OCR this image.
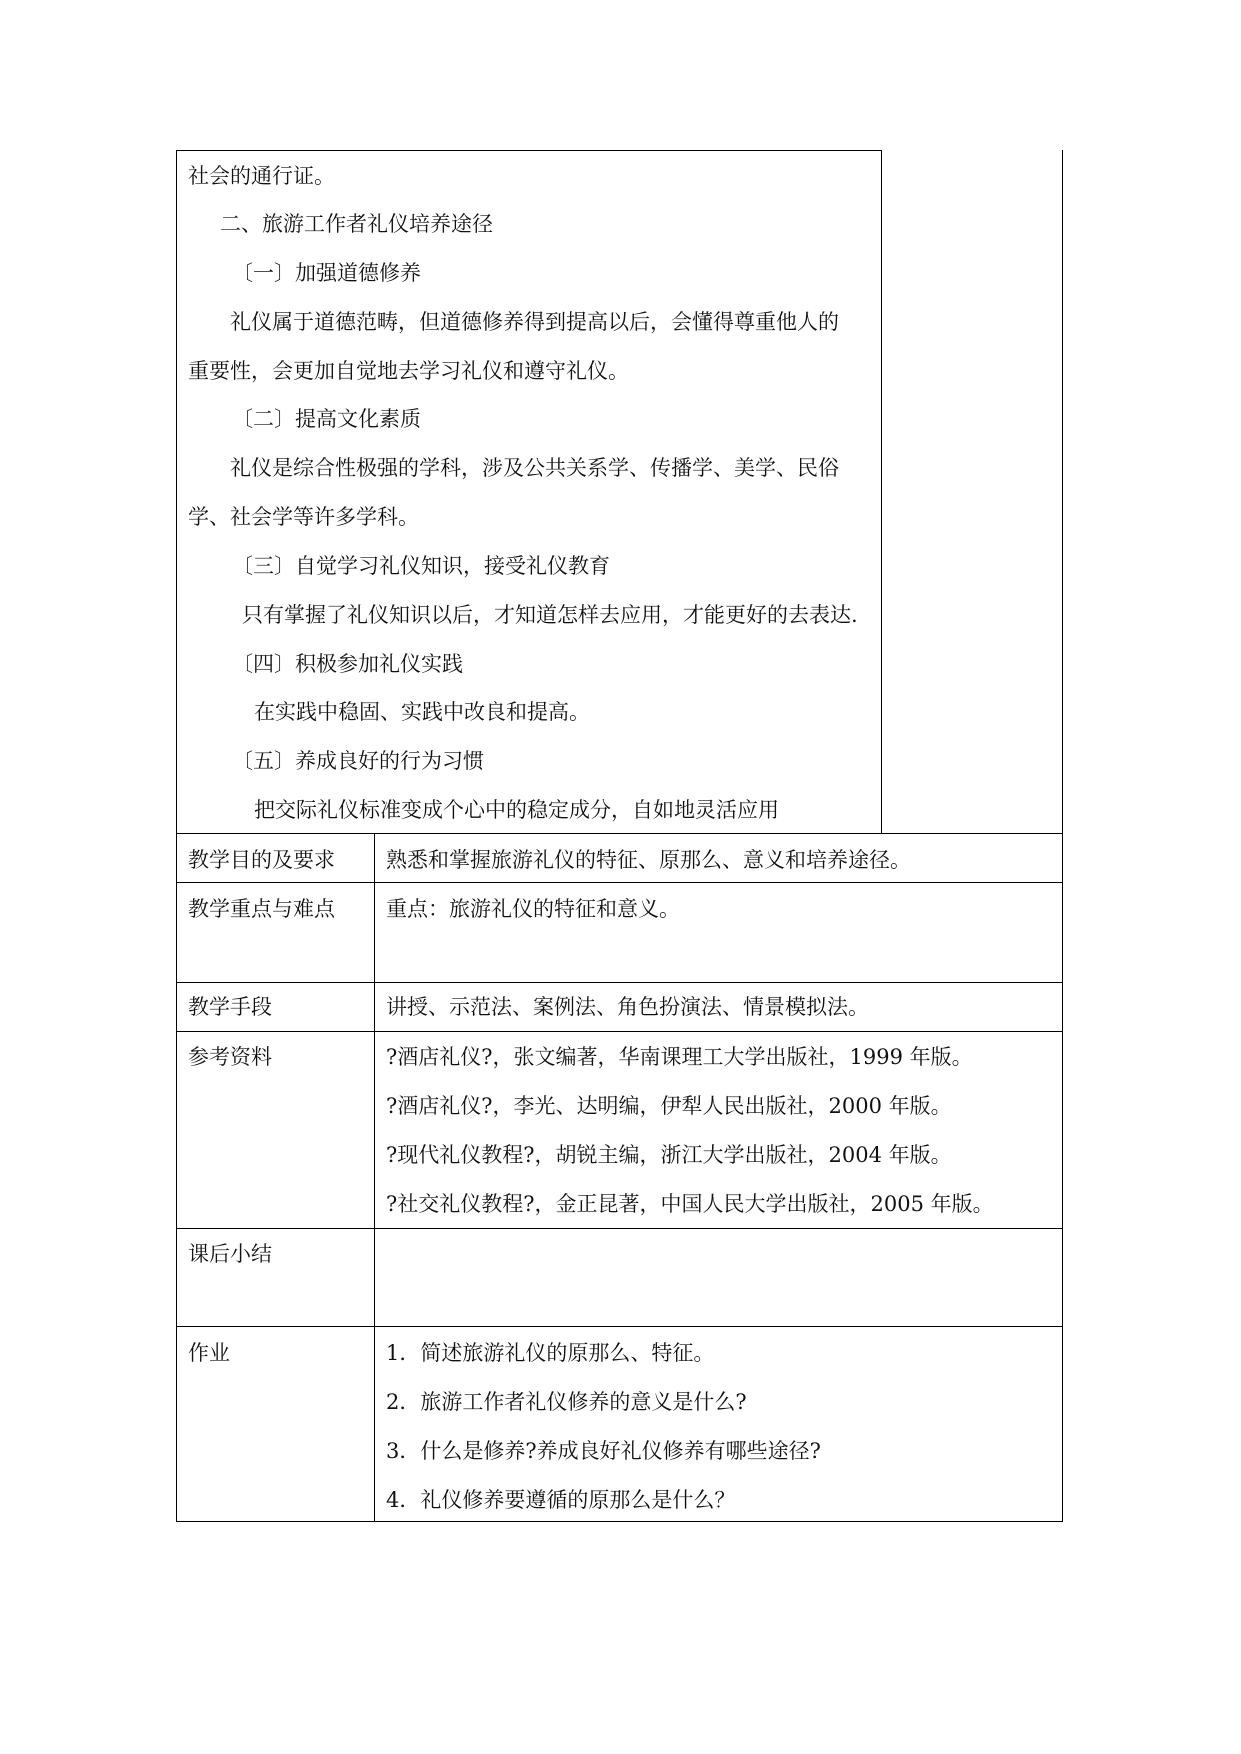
社会的通行证。
二、旅游工作者礼仪培养途径
〔一〕加强道德修养
礼仪属于道德范畴，但道德修养得到提高以后，会懂得尊重他人的
重要性，会更加自觉地去学习礼仪和遵守礼仪。
〔二〕提高文化素质
礼仪是综合性极强的学科，涉及公共关系学、传播学、美学、民俗
学、社会学等许多学科。
〔三〕自觉学习礼仪知识，接受礼仪教育
只有掌握了礼仪知识以后，才知道怎样去应用，才能更好的去表达.
〔四〕积极参加礼仪实践
在实践中稳固、实践中改良和提高。
〔五〕养成良好的行为习惯
把交际礼仪标准变成个心中的稳定成分，自如地灵活应用
教学目的及要求 熟悉和掌握旅游礼仪的特征、原那么、意义和培养途径。
教学重点与难点 重点：旅游礼仪的特征和意义。
教学手段	讲授、示范法、案例法、角色扮演法、情景模拟法。
参考资料	?酒店礼仪?，张文编著，华南课理工大学出版社，1999 年版。
?酒店礼仪?，李光、达明编，伊犁人民出版社，2000 年版。
?现代礼仪教程?，胡锐主编，浙江大学出版社，2004 年版。
?社交礼仪教程?，金正昆著，中国人民大学出版社，2005 年版。
课后小结
作业	1．简述旅游礼仪的原那么、特征。
2．旅游工作者礼仪修养的意义是什么?
3．什么是修养?养成良好礼仪修养有哪些途径?
4．礼仪修养要遵循的原那么是什么？
